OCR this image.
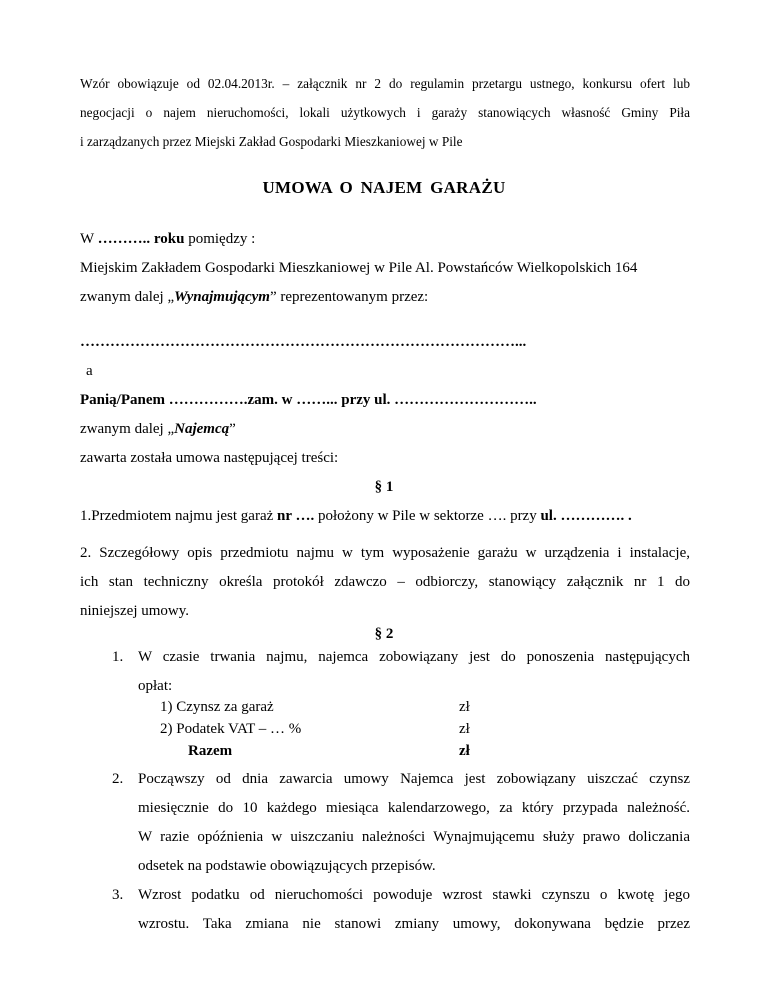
Wzór obowiązuje od 02.04.2013r. – załącznik nr 2 do regulamin przetargu ustnego, konkursu ofert lub

negocjacji o najem nieruchomości, lokali użytkowych i garaży stanowiących własność Gminy Piła

i zarządzanych przez Miejski Zakład Gospodarki Mieszkaniowej w Pile

UMOWA O NAJEM GARAŻU
W ……….. roku pomiędzy :
Miejskim Zakładem Gospodarki Mieszkaniowej w Pile Al. Powstańców Wielkopolskich 164
zwanym dalej „Wynajmującym” reprezentowanym przez:
……………………………………………………………………………...
a
Panią/Panem …………….zam. w ……... przy ul. ………………………..
zwanym dalej „Najemcą”
zawarta została umowa następującej treści:
§ 1
1.Przedmiotem najmu jest garaż nr …. położony w Pile w sektorze …. przy ul. …………. .

2. Szczegółowy opis przedmiotu najmu w tym wyposażenie garażu w urządzenia i instalacje,

ich stan techniczny określa protokół zdawczo – odbiorczy, stanowiący załącznik nr 1 do

niniejszej umowy.

§ 2
1. W czasie trwania najmu, najemca zobowiązany jest do ponoszenia następujących

opłat:

1) Czynsz za garaż	zł
2) Podatek VAT – … %	zł
Razem	zł
2. Począwszy od dnia zawarcia umowy Najemca jest zobowiązany uiszczać czynsz

miesięcznie do 10 każdego miesiąca kalendarzowego, za który przypada należność.

W razie opóźnienia w uiszczaniu należności Wynajmującemu służy prawo doliczania

odsetek na podstawie obowiązujących przepisów.

3. Wzrost podatku od nieruchomości powoduje wzrost stawki czynszu o kwotę jego

wzrostu. Taka zmiana nie stanowi zmiany umowy, dokonywana będzie przez
